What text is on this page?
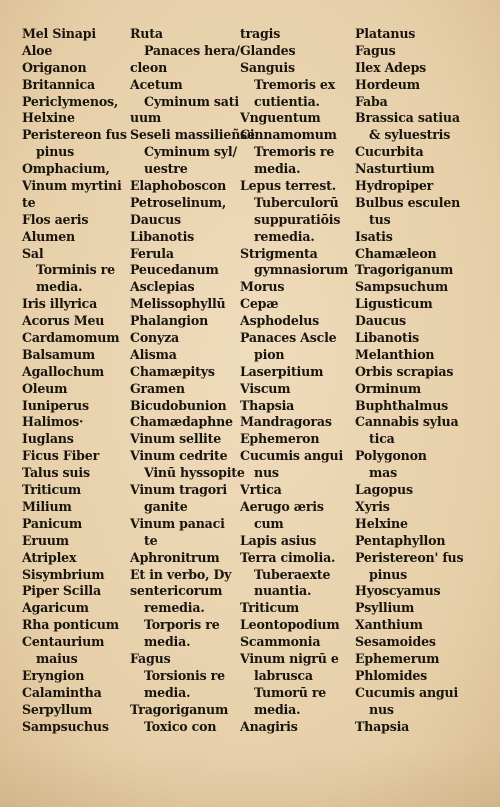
Mel Sinapi
Aloe
Origanon
Britannica
Periclymenos,
Helxine
Peristereon fus
pinus
Omphacium,
Vinum myrtini
te
Flos aeris
Alumen
Sal
Torminis re
media.
Iris illyrica
Acorus Meu
Cardamomum
Balsamum
Agallochum
Oleum
Iuniperus
Halimos·
Iuglans
Ficus Fiber
Talus suis
Triticum
Milium
Panicum
Eruum
Atriplex
Sisymbrium
Piper Scilla
Agaricum
Rha ponticum
Centaurium
maius
Eryngion
Calamintha
Serpyllum
Sampsuchus
Ruta
Panaces hera/
cleon
Acetum
Cyminum sati
uum
Seseli massilieñse
Cyminum syl/
uestre
Elaphoboscon
Petroselinum,
Daucus
Libanotis
Ferula
Peucedanum
Asclepias
Melissophyllū
Phalangion
Conyza
Alisma
Chamæpitys
Gramen
Bicudobunion
Chamædaphne
Vinum sellite
Vinum cedrite
Vinū hyssopite
Vinum tragori
ganite
Vinum panaci
te
Aphronitrum
Et in verbo, Dy
sentericorum
remedia.
Torporis re
media.
Fagus
Torsionis re
media.
Tragoriganum
Toxico con
tragis
Glandes
Sanguis
Tremoris ex
cutientia.
Vnguentum
Cinnamomum
Tremoris re
media.
Lepus terrest.
Tuberculorū
suppuratiōis
remedia.
Strigmenta
gymnasiorum
Morus
Cepæ
Asphodelus
Panaces Ascle
pion
Laserpitium
Viscum
Thapsia
Mandragoras
Ephemeron
Cucumis angui
nus
Vrtica
Aerugo æris
cum
Lapis asius
Terra cimolia.
Tuberaexte
nuantia.
Triticum
Leontopodium
Scammonia
Vinum nigrū e
labrusca
Tumorū re
media.
Anagiris
Platanus
Fagus
Ilex Adeps
Hordeum
Faba
Brassica satiua
& syluestris
Cucurbita
Nasturtium
Hydropiper
Bulbus esculen
tus
Isatis
Chamæleon
Tragoriganum
Sampsuchum
Ligusticum
Daucus
Libanotis
Melanthion
Orbis scrapias
Orminum
Buphthalmus
Cannabis sylua
tica
Polygonon
mas
Lagopus
Xyris
Helxine
Pentaphyllon
Peristereon' fus
pinus
Hyoscyamus
Psyllium
Xanthium
Sesamoides
Ephemerum
Phlomides
Cucumis angui
nus
Thapsia
